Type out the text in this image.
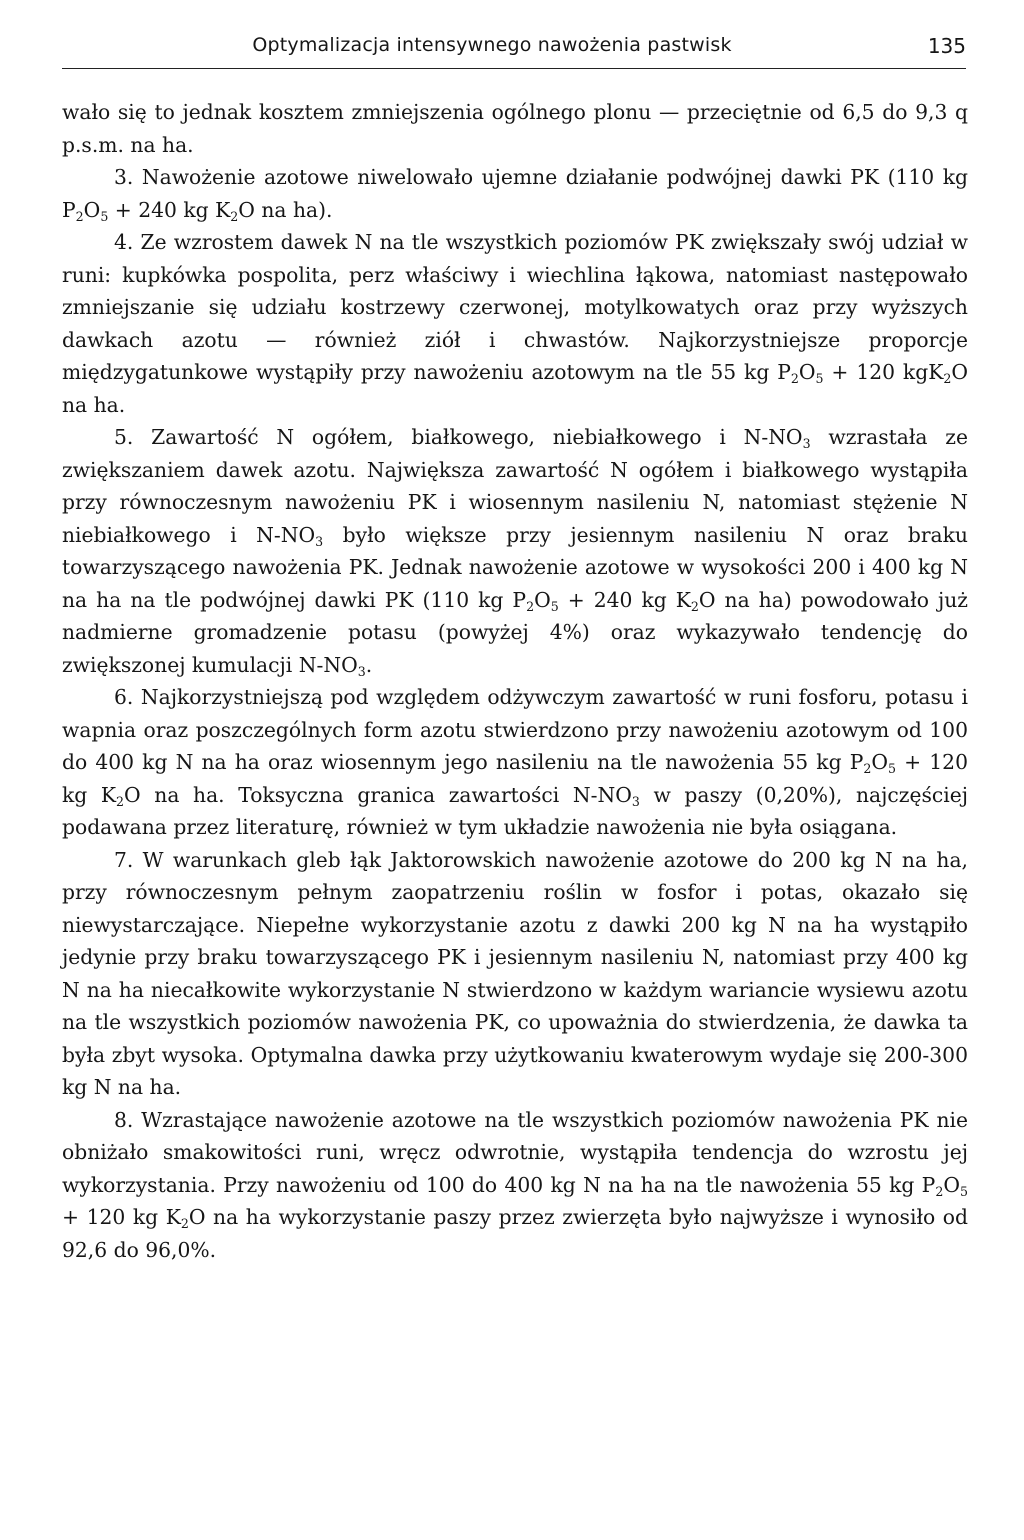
Optymalizacja intensywnego nawożenia pastwisk	135

wało się to jednak kosztem zmniejszenia ogólnego plonu — przeciętnie od 6,5 do 9,3 q p.s.m. na ha.

3. Nawożenie azotowe niwelowało ujemne działanie podwójnej dawki PK (110 kg $P_2O_5 + 240$ kg $K_2O$ na ha).

4. Ze wzrostem dawek N na tle wszystkich poziomów PK zwiększały swój udział w runi: kupkówka pospolita, perz właściwy i wiechlina łąkowa, natomiast następowało zmniejszanie się udziału kostrzewy czerwonej, motylkowatych oraz przy wyższych dawkach azotu — również ziół i chwastów. Najkorzystniejsze proporcje międzygatunkowe wystąpiły przy nawożeniu azotowym na tle 55 kg $P_2O_5 + 120$ kgK$_2$O na ha.

5. Zawartość N ogółem, białkowego, niebiałkowego i $N-NO_3$ wzrastała ze zwiększaniem dawek azotu. Największa zawartość N ogółem i białkowego wystąpiła przy równoczesnym nawożeniu PK i wiosennym nasileniu N, natomiast stężenie N niebiałkowego i $N-NO_3$ było większe przy jesiennym nasileniu N oraz braku towarzyszącego nawożenia PK. Jednak nawożenie azotowe w wysokości 200 i 400 kg N na ha na tle podwójnej dawki PK (110 kg $P_2O_5 + 240$ kg $K_2O$ na ha) powodowało już nadmierne gromadzenie potasu (powyżej 4%) oraz wykazywało tendencję do zwiększonej kumulacji $N-NO_3$.

6. Najkorzystniejszą pod względem odżywczym zawartość w runi fosforu, potasu i wapnia oraz poszczególnych form azotu stwierdzono przy nawożeniu azotowym od 100 do 400 kg N na ha oraz wiosennym jego nasileniu na tle nawożenia 55 kg $P_2O_5 + 120$ kg $K_2O$ na ha. Toksyczna granica zawartości $N-NO_3$ w paszy (0,20%), najczęściej podawana przez literaturę, również w tym układzie nawożenia nie była osiągana.

7. W warunkach gleb łąk Jaktorowskich nawożenie azotowe do 200 kg N na ha, przy równoczesnym pełnym zaopatrzeniu roślin w fosfor i potas, okazało się niewystarczające. Niepełne wykorzystanie azotu z dawki 200 kg N na ha wystąpiło jedynie przy braku towarzyszącego PK i jesiennym nasileniu N, natomiast przy 400 kg N na ha niecałkowite wykorzystanie N stwierdzono w każdym wariancie wysiewu azotu na tle wszystkich poziomów nawożenia PK, co upoważnia do stwierdzenia, że dawka ta była zbyt wysoka. Optymalna dawka przy użytkowaniu kwaterowym wydaje się 200-300 kg N na ha.

8. Wzrastające nawożenie azotowe na tle wszystkich poziomów nawożenia PK nie obniżało smakowitości runi, wręcz odwrotnie, wystąpiła tendencja do wzrostu jej wykorzystania. Przy nawożeniu od 100 do 400 kg N na ha na tle nawożenia 55 kg $P_2O_5 + 120$ kg $K_2O$ na ha wykorzystanie paszy przez zwierzęta było najwyższe i wynosiło od 92,6 do 96,0%.
